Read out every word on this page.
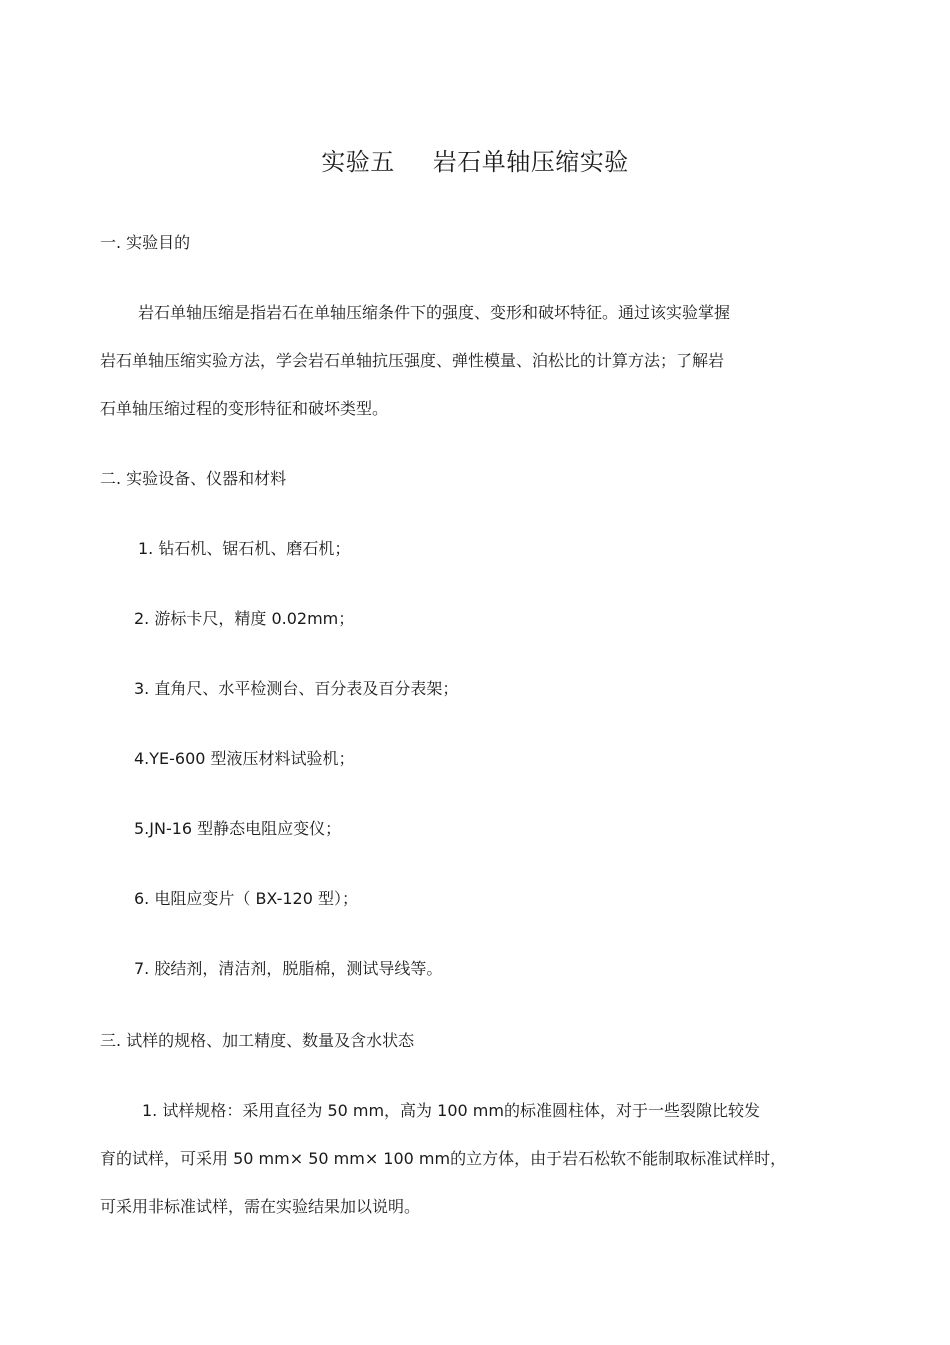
实验五 岩石单轴压缩实验
一. 实验目的
岩石单轴压缩是指岩石在单轴压缩条件下的强度、变形和破坏特征。通过该实验掌握
岩石单轴压缩实验方法，学会岩石单轴抗压强度、弹性模量、泊松比的计算方法；了解岩
石单轴压缩过程的变形特征和破坏类型。
二. 实验设备、仪器和材料
1. 钻石机、锯石机、磨石机；
2. 游标卡尺，精度 0.02mm；
3. 直角尺、水平检测台、百分表及百分表架；
4.YE-600 型液压材料试验机；
5.JN-16 型静态电阻应变仪；
6. 电阻应变片（ BX-120 型）；
7. 胶结剂，清洁剂，脱脂棉，测试导线等。
三. 试样的规格、加工精度、数量及含水状态
1. 试样规格：采用直径为 50 mm，高为 100 mm的标准圆柱体，对于一些裂隙比较发
育的试样，可采用 50 mm× 50 mm× 100 mm的立方体，由于岩石松软不能制取标准试样时，
可采用非标准试样，需在实验结果加以说明。
